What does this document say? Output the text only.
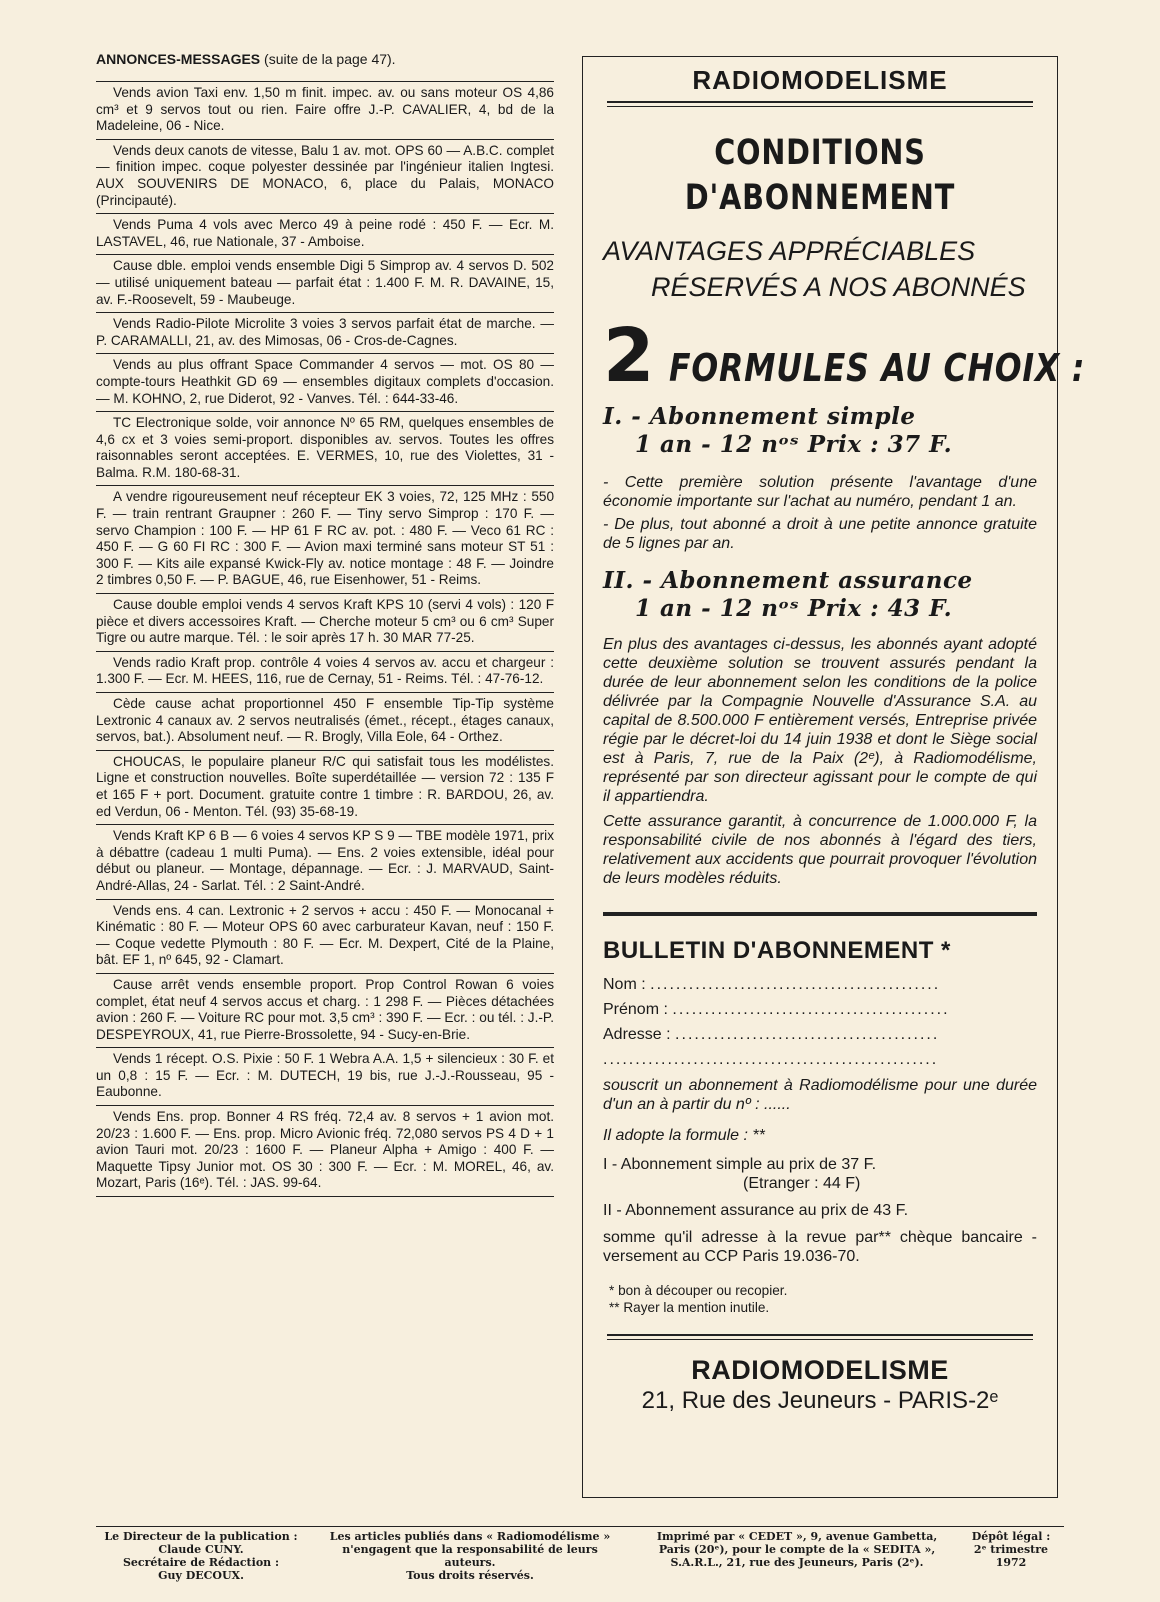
ANNONCES-MESSAGES (suite de la page 47).
Vends avion Taxi env. 1,50 m finit. impec. av. ou sans moteur OS 4,86 cm³ et 9 servos tout ou rien. Faire offre J.-P. CAVALIER, 4, bd de la Madeleine, 06 - Nice.
Vends deux canots de vitesse, Balu 1 av. mot. OPS 60 — A.B.C. complet — finition impec. coque polyester dessinée par l'ingénieur italien Ingtesi. AUX SOUVENIRS DE MONACO, 6, place du Palais, MONACO (Principauté).
Vends Puma 4 vols avec Merco 49 à peine rodé : 450 F. — Ecr. M. LASTAVEL, 46, rue Nationale, 37 - Amboise.
Cause dble. emploi vends ensemble Digi 5 Simprop av. 4 servos D. 502 — utilisé uniquement bateau — parfait état : 1.400 F. M. R. DAVAINE, 15, av. F.-Roosevelt, 59 - Maubeuge.
Vends Radio-Pilote Microlite 3 voies 3 servos parfait état de marche. — P. CARAMALLI, 21, av. des Mimosas, 06 - Cros-de-Cagnes.
Vends au plus offrant Space Commander 4 servos — mot. OS 80 — compte-tours Heathkit GD 69 — ensembles digitaux complets d'occasion. — M. KOHNO, 2, rue Diderot, 92 - Vanves. Tél. : 644-33-46.
TC Electronique solde, voir annonce Nº 65 RM, quelques ensembles de 4,6 cx et 3 voies semi-proport. disponibles av. servos. Toutes les offres raisonnables seront acceptées. E. VERMES, 10, rue des Violettes, 31 - Balma. R.M. 180-68-31.
A vendre rigoureusement neuf récepteur EK 3 voies, 72, 125 MHz : 550 F. — train rentrant Graupner : 260 F. — Tiny servo Simprop : 170 F. — servo Champion : 100 F. — HP 61 F RC av. pot. : 480 F. — Veco 61 RC : 450 F. — G 60 FI RC : 300 F. — Avion maxi terminé sans moteur ST 51 : 300 F. — Kits aile expansé Kwick-Fly av. notice montage : 48 F. — Joindre 2 timbres 0,50 F. — P. BAGUE, 46, rue Eisenhower, 51 - Reims.
Cause double emploi vends 4 servos Kraft KPS 10 (servi 4 vols) : 120 F pièce et divers accessoires Kraft. — Cherche moteur 5 cm³ ou 6 cm³ Super Tigre ou autre marque. Tél. : le soir après 17 h. 30 MAR 77-25.
Vends radio Kraft prop. contrôle 4 voies 4 servos av. accu et chargeur : 1.300 F. — Ecr. M. HEES, 116, rue de Cernay, 51 - Reims. Tél. : 47-76-12.
Cède cause achat proportionnel 450 F ensemble Tip-Tip système Lextronic 4 canaux av. 2 servos neutralisés (émet., récept., étages canaux, servos, bat.). Absolument neuf. — R. Brogly, Villa Eole, 64 - Orthez.
CHOUCAS, le populaire planeur R/C qui satisfait tous les modélistes. Ligne et construction nouvelles. Boîte superdétaillée — version 72 : 135 F et 165 F + port. Document. gratuite contre 1 timbre : R. BARDOU, 26, av. ed Verdun, 06 - Menton. Tél. (93) 35-68-19.
Vends Kraft KP 6 B — 6 voies 4 servos KP S 9 — TBE modèle 1971, prix à débattre (cadeau 1 multi Puma). — Ens. 2 voies extensible, idéal pour début ou planeur. — Montage, dépannage. — Ecr. : J. MARVAUD, Saint-André-Allas, 24 - Sarlat. Tél. : 2 Saint-André.
Vends ens. 4 can. Lextronic + 2 servos + accu : 450 F. — Monocanal + Kinématic : 80 F. — Moteur OPS 60 avec carburateur Kavan, neuf : 150 F. — Coque vedette Plymouth : 80 F. — Ecr. M. Dexpert, Cité de la Plaine, bât. EF 1, nº 645, 92 - Clamart.
Cause arrêt vends ensemble proport. Prop Control Rowan 6 voies complet, état neuf 4 servos accus et charg. : 1 298 F. — Pièces détachées avion : 260 F. — Voiture RC pour mot. 3,5 cm³ : 390 F. — Ecr. : ou tél. : J.-P. DESPEYROUX, 41, rue Pierre-Brossolette, 94 - Sucy-en-Brie.
Vends 1 récept. O.S. Pixie : 50 F. 1 Webra A.A. 1,5 + silencieux : 30 F. et un 0,8 : 15 F. — Ecr. : M. DUTECH, 19 bis, rue J.-J.-Rousseau, 95 - Eaubonne.
Vends Ens. prop. Bonner 4 RS fréq. 72,4 av. 8 servos + 1 avion mot. 20/23 : 1.600 F. — Ens. prop. Micro Avionic fréq. 72,080 servos PS 4 D + 1 avion Tauri mot. 20/23 : 1600 F. — Planeur Alpha + Amigo : 400 F. — Maquette Tipsy Junior mot. OS 30 : 300 F. — Ecr. : M. MOREL, 46, av. Mozart, Paris (16ᵉ). Tél. : JAS. 99-64.
RADIOMODELISME
CONDITIONS
D'ABONNEMENT
AVANTAGES APPRÉCIABLES
RÉSERVÉS A NOS ABONNÉS
2 FORMULES AU CHOIX :
I. - Abonnement simple
1 an - 12 nᵒˢ Prix : 37 F.
- Cette première solution présente l'avantage d'une économie importante sur l'achat au numéro, pendant 1 an.
- De plus, tout abonné a droit à une petite annonce gratuite de 5 lignes par an.
II. - Abonnement assurance
1 an - 12 nᵒˢ Prix : 43 F.
En plus des avantages ci-dessus, les abonnés ayant adopté cette deuxième solution se trouvent assurés pendant la durée de leur abonnement selon les conditions de la police délivrée par la Compagnie Nouvelle d'Assurance S.A. au capital de 8.500.000 F entièrement versés, Entreprise privée régie par le décret-loi du 14 juin 1938 et dont le Siège social est à Paris, 7, rue de la Paix (2ᵉ), à Radiomodélisme, représenté par son directeur agissant pour le compte de qui il appartiendra.
Cette assurance garantit, à concurrence de 1.000.000 F, la responsabilité civile de nos abonnés à l'égard des tiers, relativement aux accidents que pourrait provoquer l'évolution de leurs modèles réduits.
BULLETIN D'ABONNEMENT *
Nom : .............................................
Prénom : ...........................................
Adresse : .........................................
....................................................
souscrit un abonnement à Radiomodélisme pour une durée d'un an à partir du nº : ......
Il adopte la formule : **
I - Abonnement simple au prix de 37 F.
(Etranger : 44 F)
II - Abonnement assurance au prix de 43 F.
somme qu'il adresse à la revue par** chèque bancaire - versement au CCP Paris 19.036-70.
* bon à découper ou recopier.
** Rayer la mention inutile.
RADIOMODELISME
21, Rue des Jeuneurs - PARIS-2ᵉ
Le Directeur de la publication :
Claude CUNY.
Secrétaire de Rédaction :
Guy DECOUX.
Les articles publiés dans « Radiomodélisme »
n'engagent que la responsabilité de leurs auteurs.
Tous droits réservés.
Imprimé par « CEDET », 9, avenue Gambetta,
Paris (20ᵉ), pour le compte de la « SEDITA »,
S.A.R.L., 21, rue des Jeuneurs, Paris (2ᵉ).
Dépôt légal :
2ᵉ trimestre 1972
